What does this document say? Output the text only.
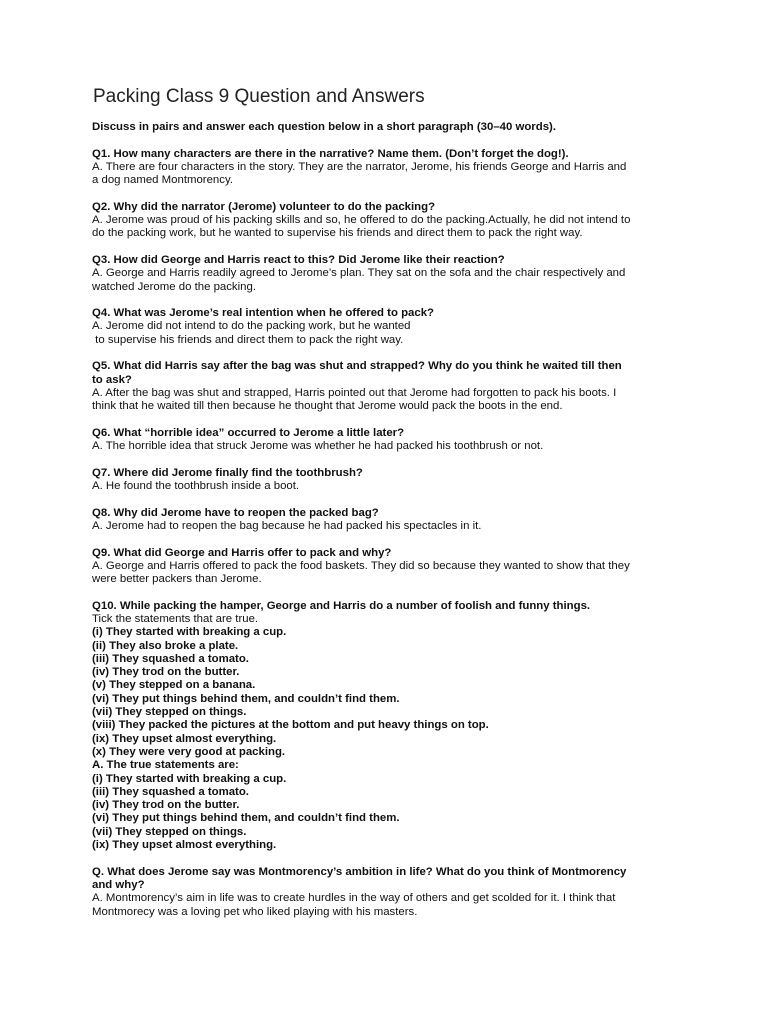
Packing Class 9 Question and Answers

Discuss in pairs and answer each question below in a short paragraph (30–40 words).

Q1. How many characters are there in the narrative? Name them. (Don’t forget the dog!).
A. There are four characters in the story. They are the narrator, Jerome, his friends George and Harris and
a dog named Montmorency.
Q2. Why did the narrator (Jerome) volunteer to do the packing?
A. Jerome was proud of his packing skills and so, he offered to do the packing.Actually, he did not intend to
do the packing work, but he wanted to supervise his friends and direct them to pack the right way.
Q3. How did George and Harris react to this? Did Jerome like their reaction?
A. George and Harris readily agreed to Jerome’s plan. They sat on the sofa and the chair respectively and
watched Jerome do the packing.
Q4. What was Jerome’s real intention when he offered to pack?
A. Jerome did not intend to do the packing work, but he wanted
to supervise his friends and direct them to pack the right way.
Q5. What did Harris say after the bag was shut and strapped? Why do you think he waited till then
to ask?
A. After the bag was shut and strapped, Harris pointed out that Jerome had forgotten to pack his boots. I
think that he waited till then because he thought that Jerome would pack the boots in the end.
Q6. What “horrible idea” occurred to Jerome a little later?
A. The horrible idea that struck Jerome was whether he had packed his toothbrush or not.
Q7. Where did Jerome finally find the toothbrush?
A. He found the toothbrush inside a boot.
Q8. Why did Jerome have to reopen the packed bag?
A. Jerome had to reopen the bag because he had packed his spectacles in it.
Q9. What did George and Harris offer to pack and why?
A. George and Harris offered to pack the food baskets. They did so because they wanted to show that they
were better packers than Jerome.
Q10. While packing the hamper, George and Harris do a number of foolish and funny things.
Tick the statements that are true.
(i) They started with breaking a cup.
(ii) They also broke a plate.
(iii) They squashed a tomato.
(iv) They trod on the butter.
(v) They stepped on a banana.
(vi) They put things behind them, and couldn’t find them.
(vii) They stepped on things.
(viii) They packed the pictures at the bottom and put heavy things on top.
(ix) They upset almost everything.
(x) They were very good at packing.
A. The true statements are:
(i) They started with breaking a cup.
(iii) They squashed a tomato.
(iv) They trod on the butter.
(vi) They put things behind them, and couldn’t find them.
(vii) They stepped on things.
(ix) They upset almost everything.
Q. What does Jerome say was Montmorency’s ambition in life? What do you think of Montmorency
and why?
A. Montmorency’s aim in life was to create hurdles in the way of others and get scolded for it. I think that
Montmorecy was a loving pet who liked playing with his masters.
